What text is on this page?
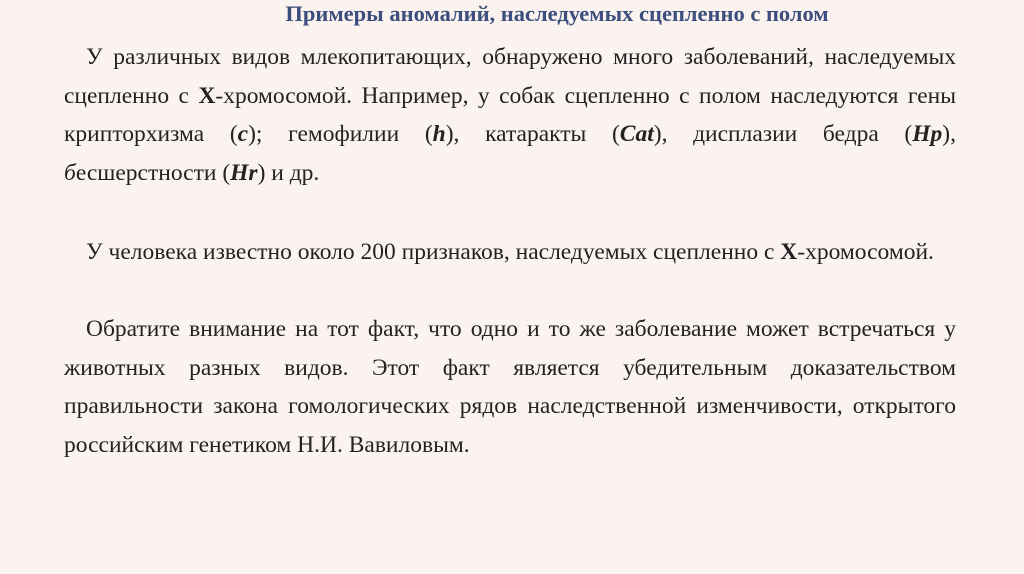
Примеры аномалий, наследуемых сцепленно с полом
У различных видов млекопитающих, обнаружено много заболеваний, наследуемых сцепленно с Х-хромосомой. Например, у собак сцепленно с полом наследуются гены крипторхизма (с); гемофилии (h), катаракты (Cat), дисплазии бедра (Hp), бесшерстности (Hr) и др.
У человека известно около 200 признаков, наследуемых сцепленно с Х-хромосомой.
Обратите внимание на тот факт, что одно и то же заболевание может встречаться у животных разных видов. Этот факт является убедительным доказательством правильности закона гомологических рядов наследственной изменчивости, открытого российским генетиком Н.И. Вавиловым.
